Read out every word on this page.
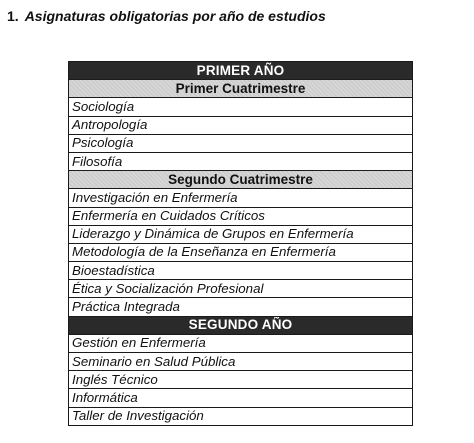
1. Asignaturas obligatorias por año de estudios
PRIMER AÑO
Primer Cuatrimestre
Sociología
Antropología
Psicología
Filosofía
Segundo Cuatrimestre
Investigación en Enfermería
Enfermería en Cuidados Críticos
Liderazgo y Dinámica de Grupos en Enfermería
Metodología de la Enseñanza en Enfermería
Bioestadística
Ética y Socialización Profesional
Práctica Integrada
SEGUNDO AÑO
Gestión en Enfermería
Seminario en Salud Pública
Inglés Técnico
Informática
Taller de Investigación
